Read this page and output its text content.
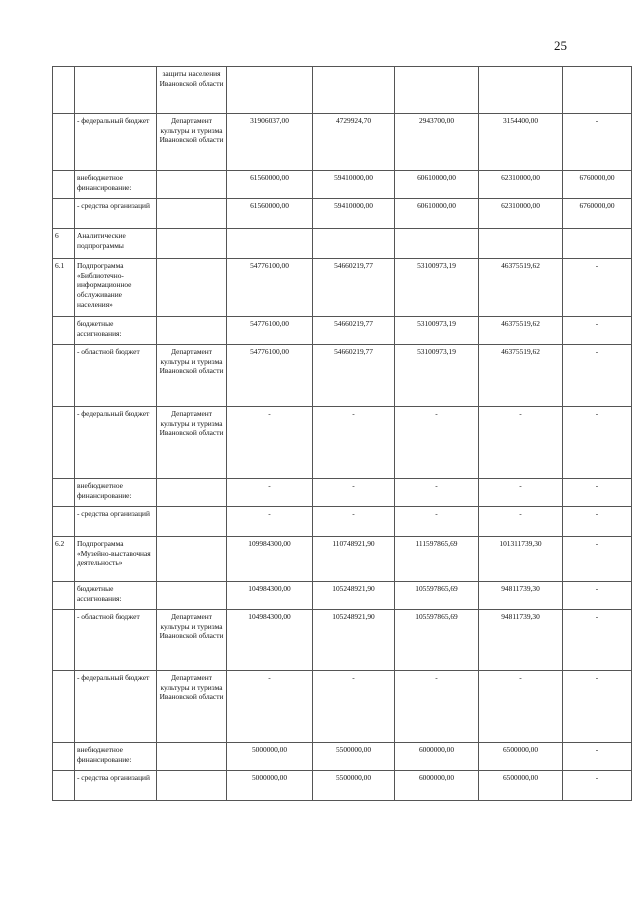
25
		защиты населения Ивановской области					
	- федеральный бюджет	Департамент культуры и туризма Ивановской области	31906037,00	4729924,70	2943700,00	3154400,00	-
	внебюджетное финансирование:		61560000,00	59410000,00	60610000,00	62310000,00	6760000,00
	- средства организаций		61560000,00	59410000,00	60610000,00	62310000,00	6760000,00
6	Аналитические подпрограммы						
6.1	Подпрограмма «Библиотечно-информационное обслуживание населения»		54776100,00	54660219,77	53100973,19	46375519,62	-
	бюджетные ассигнования:		54776100,00	54660219,77	53100973,19	46375519,62	-
	- областной бюджет	Департамент культуры и туризма Ивановской области	54776100,00	54660219,77	53100973,19	46375519,62	-
	- федеральный бюджет	Департамент культуры и туризма Ивановской области	-	-	-	-	-
	внебюджетное финансирование:		-	-	-	-	-
	- средства организаций		-	-	-	-	-
6.2	Подпрограмма «Музейно-выставочная деятельность»		109984300,00	110748921,90	111597865,69	101311739,30	-
	бюджетные ассигнования:		104984300,00	105248921,90	105597865,69	94811739,30	-
	- областной бюджет	Департамент культуры и туризма Ивановской области	104984300,00	105248921,90	105597865,69	94811739,30	-
	- федеральный бюджет	Департамент культуры и туризма Ивановской области	-	-	-	-	-
	внебюджетное финансирование:		5000000,00	5500000,00	6000000,00	6500000,00	-
	- средства организаций		5000000,00	5500000,00	6000000,00	6500000,00	-
